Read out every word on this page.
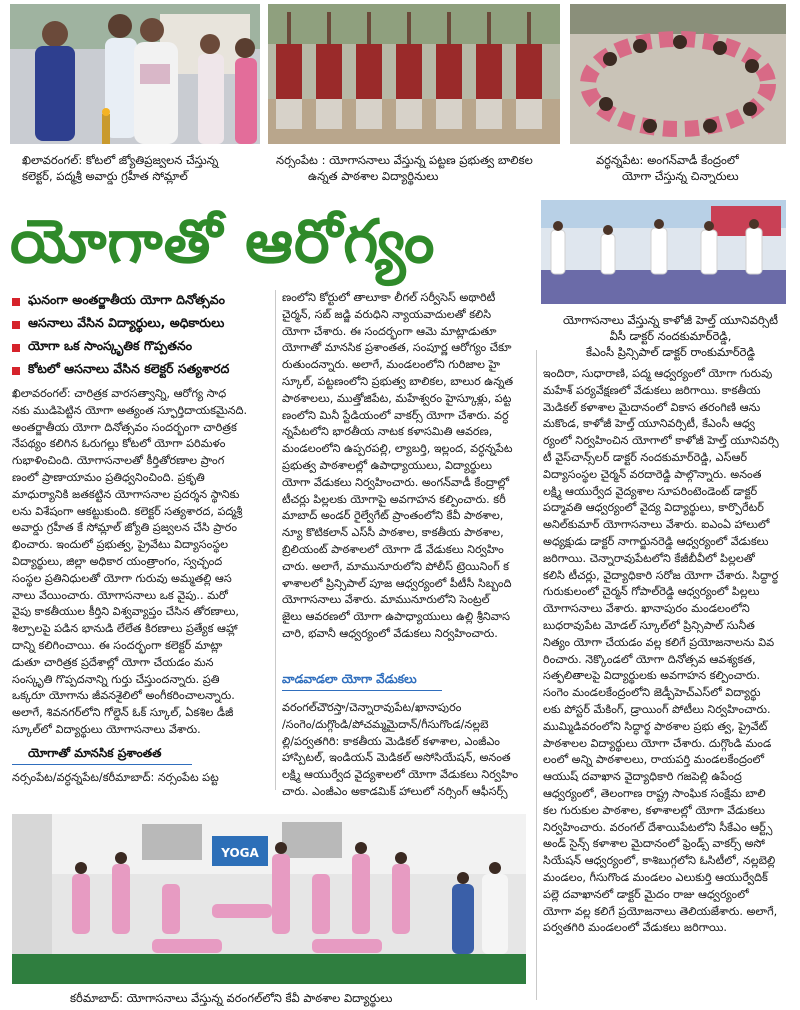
ఖిలావరంగల్‌: కోటలో జ్యోతిప్రజ్వలన చేస్తున్న
కలెక్టర్‌, పద్మశ్రీ అవార్డు గ్రహీత సోమ్లాల్‌
నర్సంపేట : యోగాసనాలు వేస్తున్న పట్టణ ప్రభుత్వ బాలికల
ఉన్నత పాఠశాల విద్యార్థినులు
వర్ధన్నపేట: అంగన్‌వాడీ కేంద్రంలో
యోగా చేస్తున్న చిన్నారులు
యోగాతో ఆరోగ్యం
యోగాసనాలు వేస్తున్న కాళోజీ హెల్త్‌ యూనివర్సిటీ
వీసీ డాక్టర్‌ నందకుమార్‌రెడ్డి,
కేఎంసీ ప్రిన్సిపాల్‌ డాక్టర్‌ రాంకుమార్‌రెడ్డి
ఘనంగా అంతర్జాతీయ యోగా దినోత్సవం
ఆసనాలు వేసిన విద్యార్థులు, అధికారులు
యోగా ఒక సాంస్కృతిక గొప్పతనం
కోటలో ఆసనాలు వేసిన కలెక్టర్‌ సత్యశారద
ఖిలావరంగల్‌: చారిత్రక వారసత్వాన్ని, ఆరోగ్య సాధ
నకు ముడిపెట్టిన యోగా అత్యంత స్ఫూర్తిదాయకమైనది.
అంతర్జాతీయ యోగా దినోత్సవం సందర్భంగా చారిత్రక
నేపథ్యం కలిగిన ఓరుగల్లు కోటలో యోగా పరిమళం
గుభాళించింది. యోగాసనాలతో కీర్తితోరణాల ప్రాంగ
ణంలో ప్రాణాయామం ప్రతిధ్వనించింది. ప్రకృతి
మాధుర్యానికి జతకట్టిన యోగాసనాల ప్రదర్శన స్థానికు
లను విశేషంగా ఆకట్టుకుంది. కలెక్టర్‌ సత్యశారద, పద్మశ్రీ
అవార్డు గ్రహీత కే సోమ్లాల్‌ జ్యోతి ప్రజ్వలన చేసి ప్రారం
భించారు. ఇందులో ప్రభుత్వ, ప్రైవేటు విద్యాసంస్థల
విద్యార్థులు, జిల్లా అధికార యంత్రాంగం, స్వచ్ఛంద
సంస్థల ప్రతినిధులతో యోగా గురువు అమ్మతల్లి ఆస
నాలు వేయించారు. యోగాసనాలు ఒక వైపు.. మరో
వైపు కాకతీయుల కీర్తిని విశ్వవ్యాప్తం చేసిన తోరణాలు,
శిల్పాలపై పడిన భానుడి లేలేత కిరణాలు ప్రత్యేక ఆహ్లా
దాన్ని కలిగించాయి. ఈ సందర్భంగా కలెక్టర్‌ మాట్లా
డుతూ చారిత్రక ప్రదేశాల్లో యోగా చేయడం మన
సంస్కృతి గొప్పదనాన్ని గుర్తు చేస్తుందన్నారు. ప్రతి
ఒక్కరూ యోగాను జీవనశైలిలో అంగీకరించాలన్నారు.
అలాగే, శివనగర్‌లోని గోల్డెన్‌ ఓక్‌ స్కూల్‌, ఏకశిల డీజీ
స్కూల్‌లో విద్యార్థులు యోగాసనాలు వేశారు.
యోగాతో మానసిక ప్రశాంతత
నర్సంపేట/వర్ధన్నపేట/కరీమాబాద్‌: నర్సంపేట పట్ట
ణంలోని కోర్టులో తాలూకా లీగల్‌ సర్వీసెస్‌ అథారిటీ
చైర్మన్‌, సబ్‌ జడ్జి వరుధిని న్యాయవాదులతో కలిసి
యోగా చేశారు. ఈ సందర్భంగా ఆమె మాట్లాడుతూ
యోగాతో మానసిక ప్రశాంతత, సంపూర్ణ ఆరోగ్యం చేకూ
రుతుందన్నారు. అలాగే, మండలంలోని గురిజాల హై
స్కూల్‌, పట్టణంలోని ప్రభుత్వ బాలికల, బాలుర ఉన్నత
పాఠశాలలు, ముత్తోజిపేట, మహేశ్వరం హైస్కూళ్లు, పట్ట
ణంలోని మినీ స్టేడియంలో వాకర్స్‌ యోగా చేశారు. వర్ధ
న్నపేటలోని భారతీయ నాటక కళాసమితి ఆవరణ,
మండలంలోని ఉప్పరపల్లి, ల్యాబర్తి, ఇల్లంద, వర్ధన్నపేట
ప్రభుత్వ పాఠశాలల్లో ఉపాధ్యాయులు, విద్యార్థులు
యోగా వేడుకలు నిర్వహించారు. అంగన్‌వాడీ కేంద్రాల్లో
టీచర్లు పిల్లలకు యోగాపై అవగాహన కల్పించారు. కరీ
మాబాద్‌ అండర్‌ రైల్వేగేట్‌ ప్రాంతంలోని కేవీ పాఠశాల,
న్యూ కొటికలాన్‌ ఎస్‌సీ పాఠశాల, కాకతీయ పాఠశాల,
బ్రిలియంట్‌ పాఠశాలలో యోగా డే వేడుకలు నిర్వహిం
చారు. అలాగే, మామునూరులోని పోలీస్‌ ట్రెయినింగ్‌ క
ళాశాలలో ప్రిన్సిపాల్‌ పూజ ఆధ్వర్యంలో పీటీసీ సిబ్బంది
యోగాసనాలు వేశారు. మామునూరులోని సెంట్రల్‌
జైలు ఆవరణలో యోగా ఉపాధ్యాయులు ఉల్లి శ్రీనివాస
చారి, భవానీ ఆధ్వర్యంలో వేడుకలు నిర్వహించారు.
వాడవాడలా యోగా వేడుకలు
వరంగల్‌చౌరస్తా/చెన్నారావుపేట/ఖానాపురం
/సంగెం/దుగ్గొండి/పోచమ్మమైదాన్‌/గీసుగొండ/నల్లబె
ల్లి/పర్వతగిరి: కాకతీయ మెడికల్‌ కళాశాల, ఎంజీఎం
హాస్పిటల్‌, ఇండియన్‌ మెడికల్‌ అసోసియేషన్‌, అనంత
లక్ష్మి ఆయుర్వేద వైద్యశాలలో యోగా వేడుకలు నిర్వహిం
చారు. ఎంజీఎం అకాడమిక్‌ హాలులో నర్సింగ్‌ ఆఫీసర్స్‌
ఇందిరా, సుధారాణి, పద్మ ఆధ్వర్యంలో యోగా గురువు
మహేశ్‌ పర్యవేక్షణలో వేడుకలు జరిగాయి. కాకతీయ
మెడికల్‌ కళాశాల మైదానంలో వికాస తరంగిణి ఆను
మకొండ, కాళోజీ హెల్త్‌ యూనివర్సిటీ, కేఎంసీ ఆధ్వ
ర్యంలో నిర్వహించిన యోగాలో కాళోజీ హెల్త్‌ యూనివర్సి
టీ వైస్‌చాన్స్‌లర్‌ డాక్టర్‌ నందకుమార్‌రెడ్డి, ఎస్‌ఆర్‌
విద్యాసంస్థల చైర్మన్‌ వరదారెడ్డి పాల్గొన్నారు. అనంత
లక్ష్మి ఆయుర్వేద వైద్యశాల సూపరింటెండెంట్‌ డాక్టర్‌
పద్మావతి ఆధ్వర్యంలో వైద్య విద్యార్థులు, కార్పొరేటర్‌
అనిల్‌కుమార్‌ యోగాసనాలు వేశారు. ఐఎంఏ హాలులో
అధ్యక్షుడు డాక్టర్‌ నాగార్జునరెడ్డి ఆధ్వర్యంలో వేడుకలు
జరిగాయి. చెన్నారావుపేటలోని కేజీబీవీలో పిల్లలతో
కలిసి టీచర్లు, వైద్యాధికారి సరోజ యోగా చేశారు. సిద్ధార్థ
గురుకులంలో చైర్మన్‌ గోపాల్‌రెడ్డి ఆధ్వర్యంలో పిల్లలు
యోగాసనాలు వేశారు. ఖానాపురం మండలంలోని
బుధరావుపేట మోడల్‌ స్కూల్‌లో ప్రిన్సిపాల్‌ సునీత
నిత్యం యోగా చేయడం వల్ల కలిగే ప్రయోజనాలను వివ
రించారు. నెక్కొండలో యోగా దినోత్సవ ఆవశ్యకత,
సత్ఫలితాలపై విద్యార్థులకు అవగాహన కల్పించారు.
సంగెం మండలకేంద్రంలోని జెడ్పీహెచ్‌ఎస్‌లో విద్యార్థు
లకు పోస్టర్‌ మేకింగ్‌, డ్రాయింగ్‌ పోటీలు నిర్వహించారు.
ముమ్మిడివరంలోని సిద్ధార్థ పాఠశాల ప్రభు త్వ, ప్రైవేట్‌
పాఠశాలల విద్యార్థులు యోగా చేశారు. దుగ్గొండి మండ
లంలో అన్ని పాఠశాలలు, రాయపర్తి మండలకేంద్రంలో
ఆయుష్‌ దవాఖాన వైద్యాధికారి గజపెల్లి ఉపేంద్ర
ఆధ్వర్యంలో, తెలంగాణ రాష్ట్ర సాంఘిక సంక్షేమ బాలి
కల గురుకుల పాఠశాల, కళాశాలల్లో యోగా వేడుకలు
నిర్వహించారు. వరంగల్‌ దేశాయిపేటలోని సీకేఎం ఆర్ట్స్‌
అండ్‌ సైన్స్‌ కళాశాల మైదానంలో ఫ్రెండ్స్‌ వాకర్స్‌ అసో
సియేషన్‌ ఆధ్వర్యంలో, కాశిబుగ్గలోని ఓసిటీలో, నల్లబెల్లి
మండలం, గీసుగొండ మండలం ఎలుకుర్తి ఆయుర్వేదిక్‌
పల్లె దవాఖానలో డాక్టర్‌ మైదం రాజు ఆధ్వర్యంలో
యోగా వల్ల కలిగే ప్రయోజనాలు తెలియజేశారు. అలాగే,
పర్వతగిరి మండలంలో వేడుకలు జరిగాయి.
YOGA
కరీమాబాద్‌: యోగాసనాలు వేస్తున్న వరంగల్‌లోని కేవీ పాఠశాల విద్యార్థులు
